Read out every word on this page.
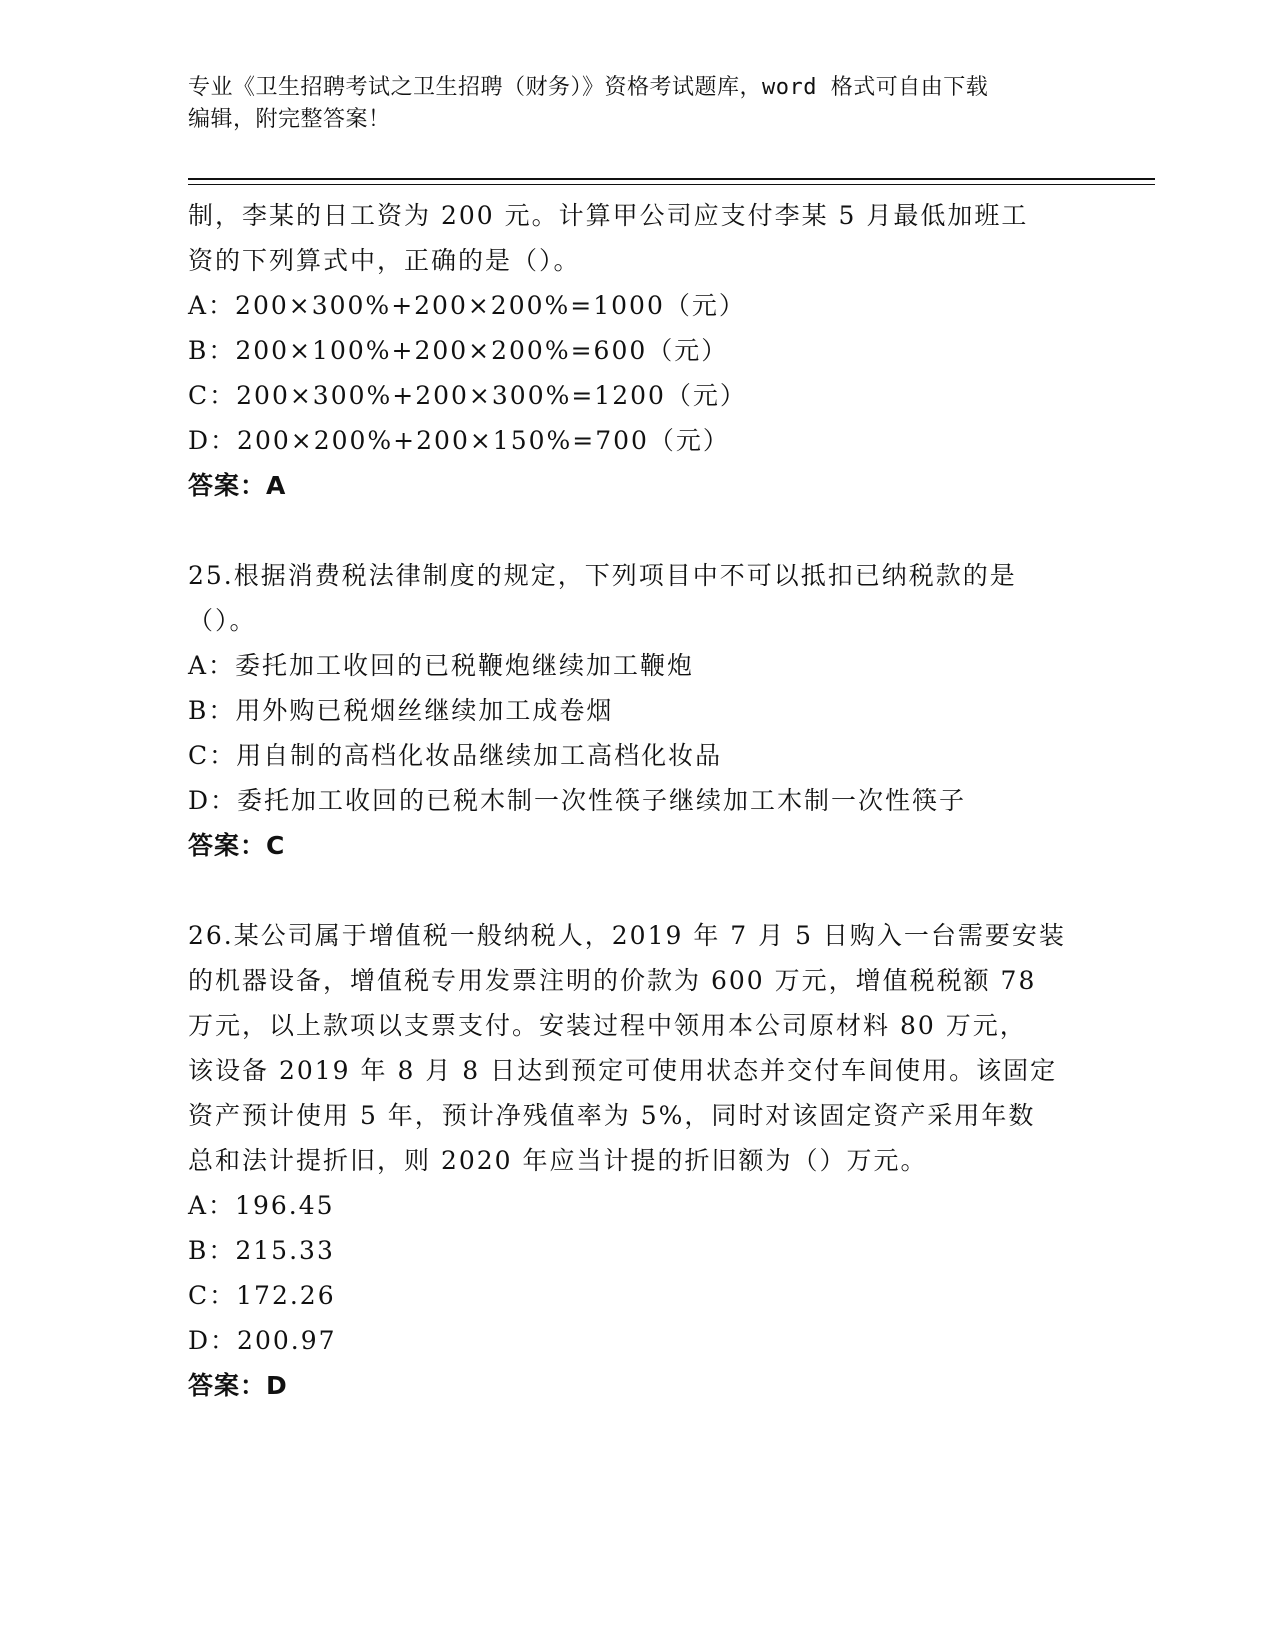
专业《卫生招聘考试之卫生招聘（财务）》资格考试题库，word 格式可自由下载
编辑，附完整答案！
制，李某的日工资为 200 元。计算甲公司应支付李某 5 月最低加班工
资的下列算式中，正确的是（）。
A：200×300%+200×200%=1000（元）
B：200×100%+200×200%=600（元）
C：200×300%+200×300%=1200（元）
D：200×200%+200×150%=700（元）
答案：A
25.根据消费税法律制度的规定，下列项目中不可以抵扣已纳税款的是
（）。
A：委托加工收回的已税鞭炮继续加工鞭炮
B：用外购已税烟丝继续加工成卷烟
C：用自制的高档化妆品继续加工高档化妆品
D：委托加工收回的已税木制一次性筷子继续加工木制一次性筷子
答案：C
26.某公司属于增值税一般纳税人，2019 年 7 月 5 日购入一台需要安装
的机器设备，增值税专用发票注明的价款为 600 万元，增值税税额 78
万元，以上款项以支票支付。安装过程中领用本公司原材料 80 万元，
该设备 2019 年 8 月 8 日达到预定可使用状态并交付车间使用。该固定
资产预计使用 5 年，预计净残值率为 5%，同时对该固定资产采用年数
总和法计提折旧，则 2020 年应当计提的折旧额为（）万元。
A：196.45
B：215.33
C：172.26
D：200.97
答案：D
